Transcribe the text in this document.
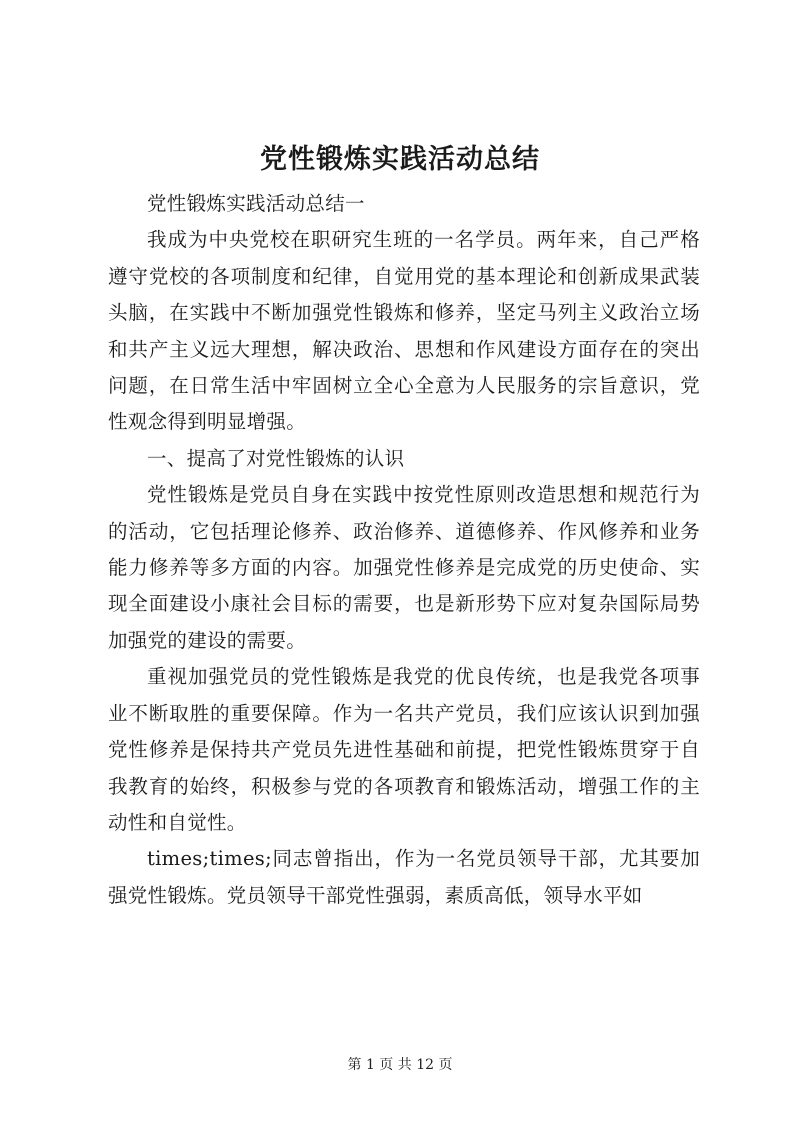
党性锻炼实践活动总结

党性锻炼实践活动总结一

我成为中央党校在职研究生班的一名学员。两年来，自己严格遵守党校的各项制度和纪律，自觉用党的基本理论和创新成果武装头脑，在实践中不断加强党性锻炼和修养，坚定马列主义政治立场和共产主义远大理想，解决政治、思想和作风建设方面存在的突出问题，在日常生活中牢固树立全心全意为人民服务的宗旨意识，党性观念得到明显增强。

一、提高了对党性锻炼的认识

党性锻炼是党员自身在实践中按党性原则改造思想和规范行为的活动，它包括理论修养、政治修养、道德修养、作风修养和业务能力修养等多方面的内容。加强党性修养是完成党的历史使命、实现全面建设小康社会目标的需要，也是新形势下应对复杂国际局势加强党的建设的需要。

重视加强党员的党性锻炼是我党的优良传统，也是我党各项事业不断取胜的重要保障。作为一名共产党员，我们应该认识到加强党性修养是保持共产党员先进性基础和前提，把党性锻炼贯穿于自我教育的始终，积极参与党的各项教育和锻炼活动，增强工作的主动性和自觉性。

times;times;同志曾指出，作为一名党员领导干部，尤其要加强党性锻炼。党员领导干部党性强弱，素质高低，领导水平如

第 1 页 共 12 页
